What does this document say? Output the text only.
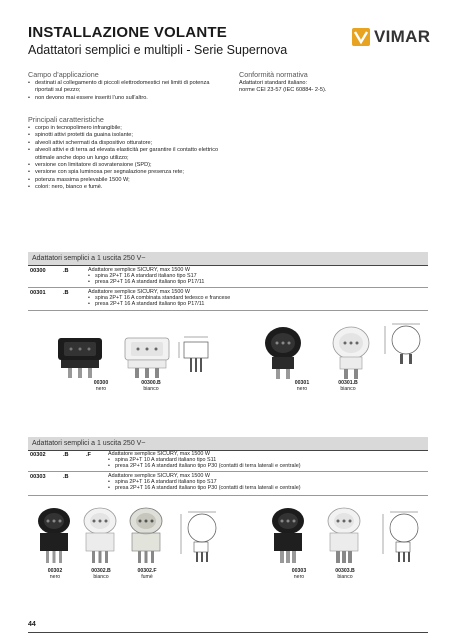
INSTALLAZIONE VOLANTE
Adattatori semplici e multipli - Serie Supernova
VIMAR
Campo d’applicazione
• destinati al collegamento di piccoli elettrodomestici nei limiti di potenza riportati sul pezzo;
• non devono mai essere inseriti l’uno sull’altro.
Conformità normativa
Adattatori standard italiano:
norme CEI 23-57 (IEC 60884- 2-5).
Principali caratteristiche
• corpo in tecnopolimero infrangibile;
• spinotti attivi protetti da guaina isolante;
• alveoli attivi schermati da dispositivo otturatore;
• alveoli attivi e di terra ad elevata elasticità per garantire il contatto elettrico ottimale anche dopo un lungo utilizzo;
• versione con limitatore di sovratensione (SPD);
• versione con spia luminosa per segnalazione presenza rete;
• potenza massima prelevabile 1500 W;
• colori: nero, bianco e fumè.
Adattatori semplici a 1 uscita 250 V~
00300	.B	Adattatore semplice SICURY, max 1500 W
• spina 2P+T 16 A standard italiano tipo S17
• presa 2P+T 16 A standard italiano tipo P17/11
00301	.B	Adattatore semplice SICURY, max 1500 W
• spina 2P+T 16 A combinata standard tedesco e francese
• presa 2P+T 16 A standard italiano tipo P17/11
00300
nero
00300.B
bianco
00301
nero
00301.B
bianco
Adattatori semplici a 1 uscita 250 V~
00302	.B	.F	Adattatore semplice SICURY, max 1500 W
• spina 2P+T 10 A standard italiano tipo S11
• presa 2P+T 16 A standard italiano tipo P30 (contatti di terra laterali e centrale)
00303	.B	Adattatore semplice SICURY, max 1500 W
• spina 2P+T 16 A standard italiano tipo S17
• presa 2P+T 16 A standard italiano tipo P30 (contatti di terra laterali e centrale)
00302
nero
00302.B
bianco
00302.F
fumè
00303
nero
00303.B
bianco
44
